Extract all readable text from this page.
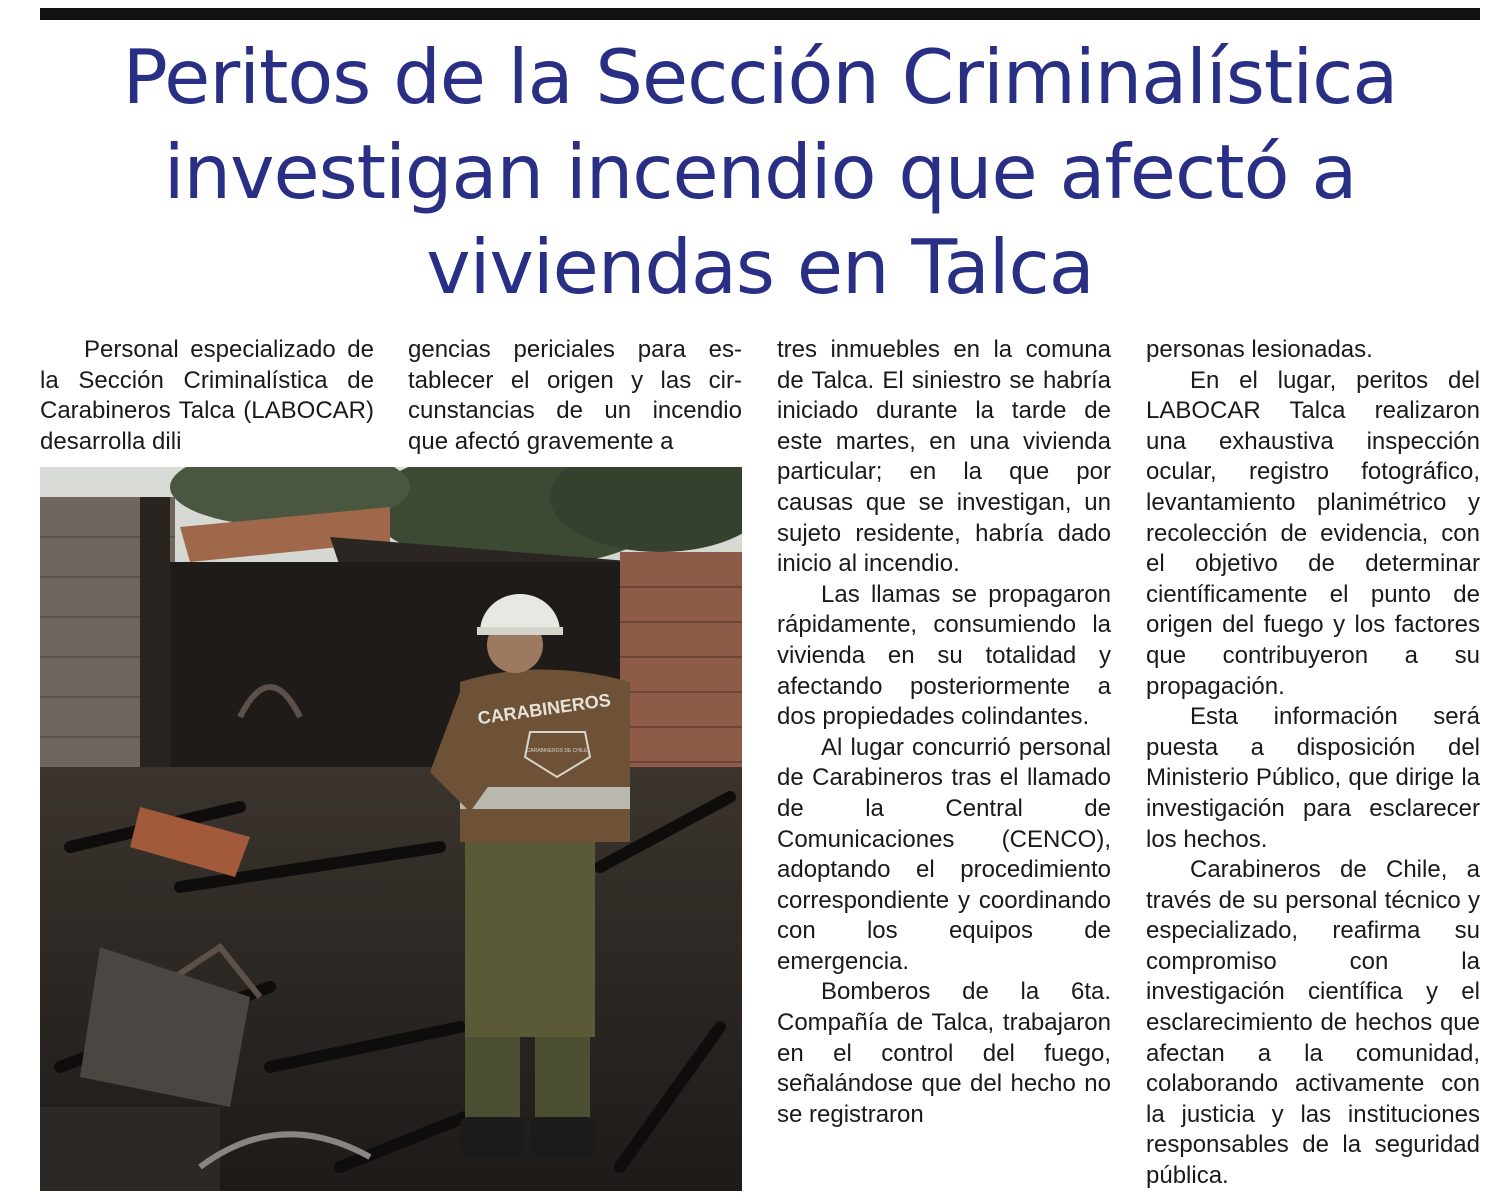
Peritos de la Sección Criminalística
investigan incendio que afectó a
viviendas en Talca

Personal especializado de la Sección Criminalística de Carabineros Talca (LABOCAR) desarrolla dili

gencias periciales para establecer el origen y las circunstancias de un incendio que afectó gravemente a

CARABINEROS
CARABINEROS DE CHILE

tres inmuebles en la comuna de Talca. El siniestro se habría iniciado durante la tarde de este martes, en una vivienda particular; en la que por causas que se investigan, un sujeto residente, habría dado inicio al incendio.

Las llamas se propagaron rápidamente, consumiendo la vivienda en su totalidad y afectando posteriormente a dos propiedades colindantes.

Al lugar concurrió personal de Carabineros tras el llamado de la Central de Comunicaciones (CENCO), adoptando el procedimiento correspondiente y coordinando con los equipos de emergencia.

Bomberos de la 6ta. Compañía de Talca, trabajaron en el control del fuego, señalándose que del hecho no se registraron

personas lesionadas.

En el lugar, peritos del LABOCAR Talca realizaron una exhaustiva inspección ocular, registro fotográfico, levantamiento planimétrico y recolección de evidencia, con el objetivo de determinar científicamente el punto de origen del fuego y los factores que contribuyeron a su propagación.

Esta información será puesta a disposición del Ministerio Público, que dirige la investigación para esclarecer los hechos.

Carabineros de Chile, a través de su personal técnico y especializado, reafirma su compromiso con la investigación científica y el esclarecimiento de hechos que afectan a la comunidad, colaborando activamente con la justicia y las instituciones responsables de la seguridad pública.
